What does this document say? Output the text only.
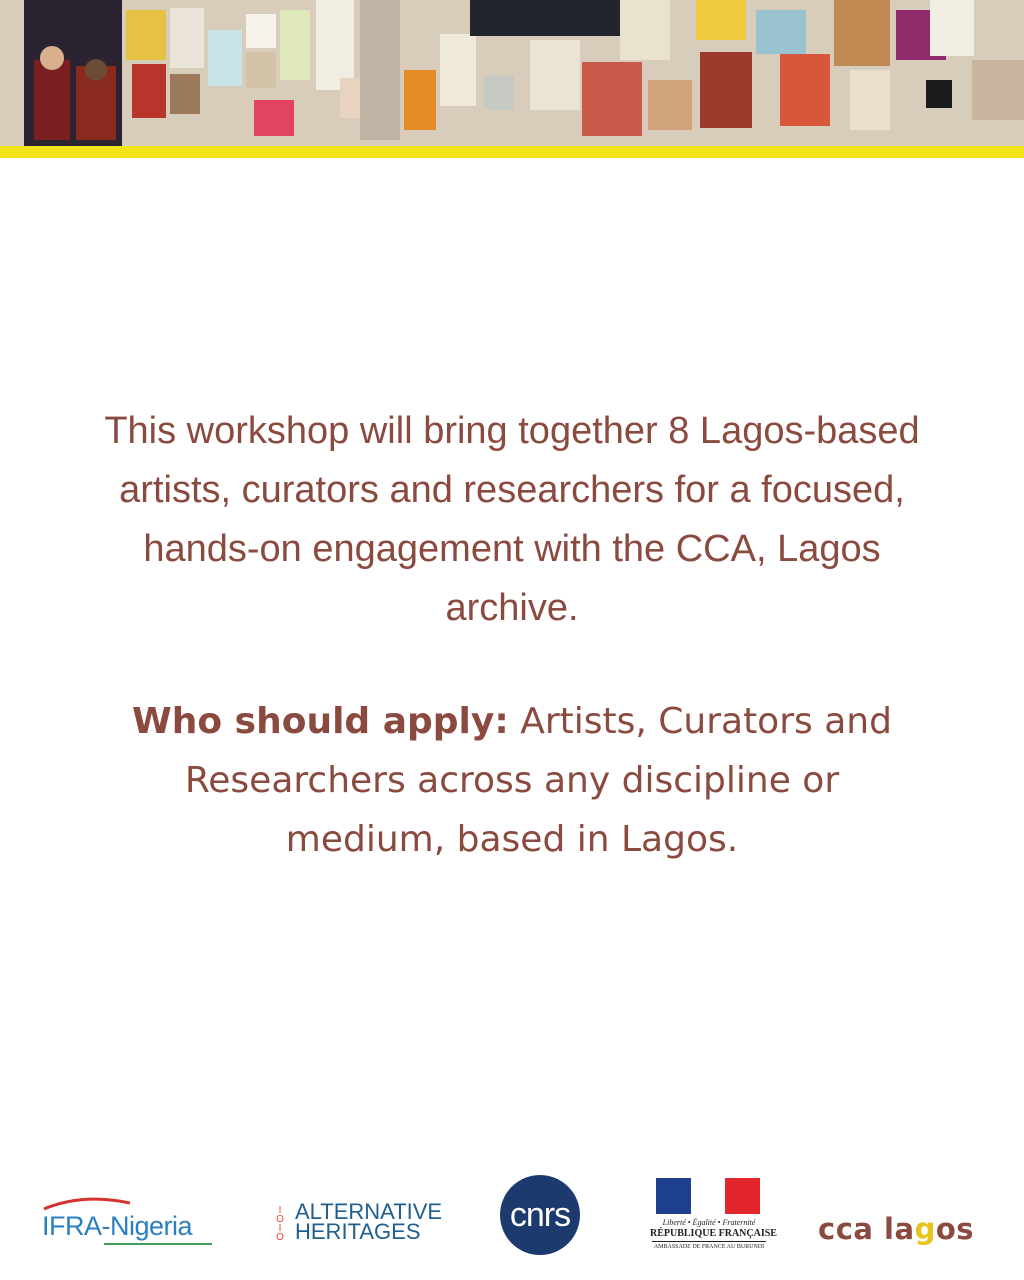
This workshop will bring together 8 Lagos-based artists, curators and researchers for a focused, hands-on engagement with the CCA, Lagos archive.

Who should apply: Artists, Curators and Researchers across any discipline or medium, based in Lagos.

IFRA-Nigeria
I
O
I
O
ALTERNATIVE
HERITAGES	cnrs	Liberté • Égalité • Fraternité
RÉPUBLIQUE FRANÇAISE
AMBASSADE DE FRANCE AU BURUNDI
cca lagos
